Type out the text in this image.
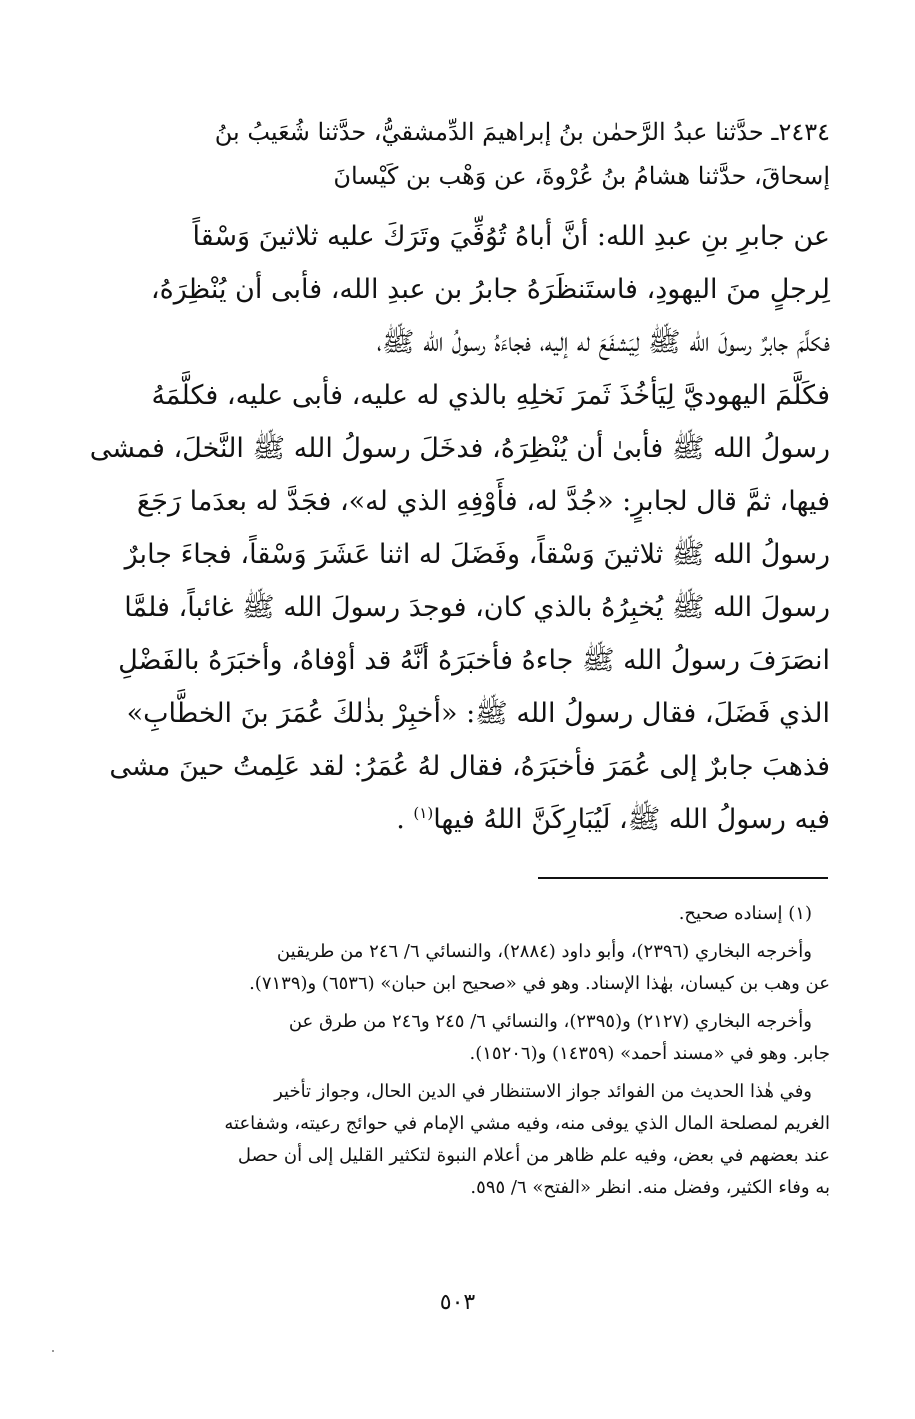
٢٤٣٤ـ حدَّثنا عبدُ الرَّحمٰن بنُ إبراهيمَ الدِّمشقيُّ، حدَّثنا شُعَيبُ بنُ
إسحاقَ، حدَّثنا هشامُ بنُ عُرْوةَ، عن وَهْب بن كَيْسانَ

عن جابرِ بنِ عبدِ الله: أنَّ أباهُ تُوُفِّيَ وتَرَكَ عليه ثلاثينَ وَسْقاً
لِرجلٍ منَ اليهودِ، فاستَنظَرَهُ جابرُ بن عبدِ الله، فأبى أن يُنْظِرَهُ،
فكلَّمَ جابرٌ رسولَ الله ﷺ لِيَشفَعَ له إليه، فجاءَهُ رسولُ الله ﷺ،
فكَلَّمَ اليهوديَّ لِيَأخُذَ ثَمرَ نَخلِهِ بالذي له عليه، فأبى عليه، فكلَّمَهُ
رسولُ الله ﷺ فأبىٰ أن يُنْظِرَهُ، فدخَلَ رسولُ الله ﷺ النَّخلَ، فمشى
فيها، ثمَّ قال لجابرٍ: «جُدَّ له، فأَوْفِهِ الذي له»، فجَدَّ له بعدَما رَجَعَ
رسولُ الله ﷺ ثلاثينَ وَسْقاً، وفَضَلَ له اثنا عَشَرَ وَسْقاً، فجاءَ جابرٌ
رسولَ الله ﷺ يُخبِرُهُ بالذي كان، فوجدَ رسولَ الله ﷺ غائباً، فلمَّا
انصَرَفَ رسولُ الله ﷺ جاءهُ فأخبَرَهُ أنَّهُ قد أوْفاهُ، وأخبَرَهُ بالفَضْلِ
الذي فَضَلَ، فقال رسولُ الله ﷺ: «أخبِرْ بذٰلكَ عُمَرَ بنَ الخطَّابِ»
فذهبَ جابرٌ إلى عُمَرَ فأخبَرَهُ، فقال لهُ عُمَرُ: لقد عَلِمتُ حينَ مشى
فيه رسولُ الله ﷺ، لَيُبَارِكَنَّ اللهُ فيها$^{(١)}$ .

(١) إسناده صحيح.

وأخرجه البخاري (٢٣٩٦)، وأبو داود (٢٨٨٤)، والنسائي ٦/ ٢٤٦ من طريقين
عن وهب بن كيسان، بهٰذا الإسناد. وهو في «صحيح ابن حبان» (٦٥٣٦) و(٧١٣٩).

وأخرجه البخاري (٢١٢٧) و(٢٣٩٥)، والنسائي ٦/ ٢٤٥ و٢٤٦ من طرق عن
جابر. وهو في «مسند أحمد» (١٤٣٥٩) و(١٥٢٠٦).

وفي هٰذا الحديث من الفوائد جواز الاستنظار في الدين الحال، وجواز تأخير
الغريم لمصلحة المال الذي يوفى منه، وفيه مشي الإمام في حوائج رعيته، وشفاعته
عند بعضهم في بعض، وفيه علم ظاهر من أعلام النبوة لتكثير القليل إلى أن حصل
به وفاء الكثير، وفضل منه. انظر «الفتح» ٦/ ٥٩٥.

٥٠٣
